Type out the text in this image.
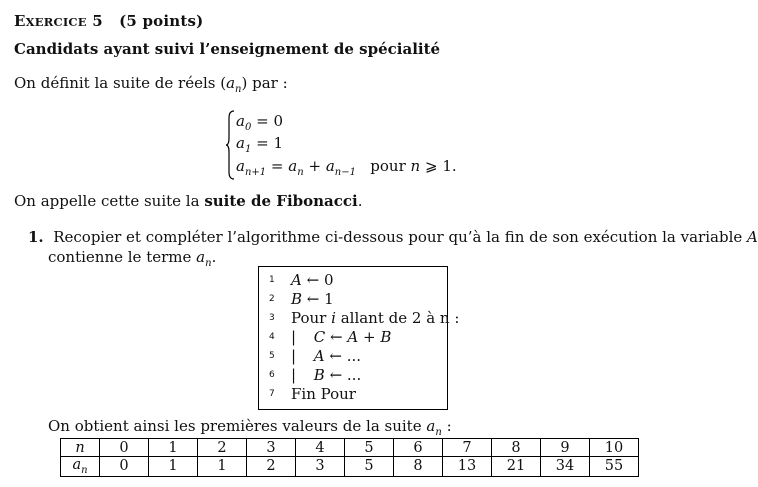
EXERCICE 5 (5 points)
Candidats ayant suivi l’enseignement de spécialité
On définit la suite de réels $(a_n)$ par :
$a_0 = 0$
$a_1 = 1$
$a_{n+1} = a_n + a_{n-1}$ pour n ⩾ 1.
On appelle cette suite la suite de Fibonacci.
1. Recopier et compléter l’algorithme ci-dessous pour qu’à la fin de son exécution la variable A
contienne le terme $a_n$.
1 A ← 0
2 B ← 1
3 Pour i allant de 2 à n :
4 | C ← A + B
5 | A ← ...
6 | B ← ...
7 Fin Pour
On obtient ainsi les premières valeurs de la suite $a_n$ :
n	0	1	2	3	4	5	6	7	8	9	10
$a_n$	0	1	1	2	3	5	8	13	21	34	55
